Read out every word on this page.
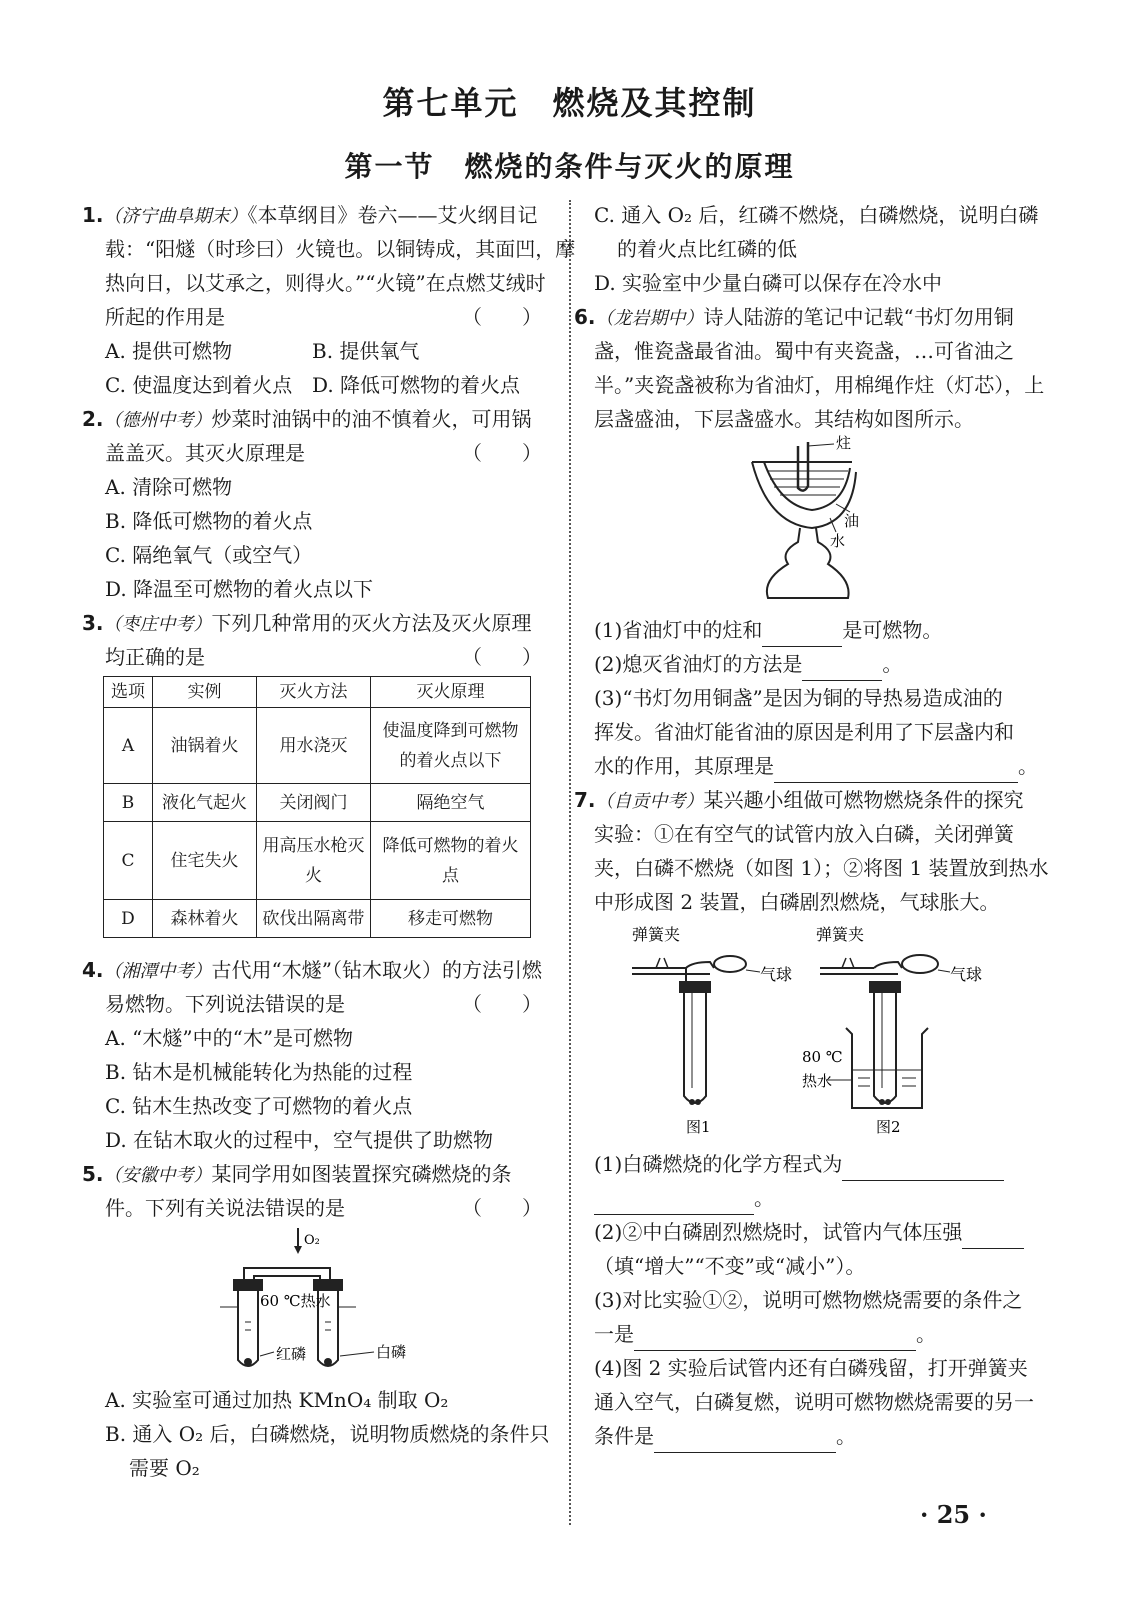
第七单元　燃烧及其控制
第一节　燃烧的条件与灭火的原理
1.（济宁曲阜期末）《本草纲目》卷六——艾火纲目记
载：“阳燧（时珍曰）火镜也。以铜铸成，其面凹，摩
热向日，以艾承之，则得火。”“火镜”在点燃艾绒时
所起的作用是	（　　）
A. 提供可燃物	B. 提供氧气
C. 使温度达到着火点 D. 降低可燃物的着火点
2.（德州中考）炒菜时油锅中的油不慎着火，可用锅
盖盖灭。其灭火原理是	（　　）
A. 清除可燃物
B. 降低可燃物的着火点
C. 隔绝氧气（或空气）
D. 降温至可燃物的着火点以下
3.（枣庄中考）下列几种常用的灭火方法及灭火原理
均正确的是	（　　）
选项	实例	灭火方法	灭火原理
A	油锅着火	用水浇灭	使温度降到可燃物的着火点以下
B	液化气起火	关闭阀门	隔绝空气
C	住宅失火	用高压水枪灭火	降低可燃物的着火点
D	森林着火	砍伐出隔离带	移走可燃物
4.（湘潭中考）古代用“木燧”（钻木取火）的方法引燃
易燃物。下列说法错误的是	（　　）
A. “木燧”中的“木”是可燃物
B. 钻木是机械能转化为热能的过程
C. 钻木生热改变了可燃物的着火点
D. 在钻木取火的过程中，空气提供了助燃物
5.（安徽中考）某同学用如图装置探究磷燃烧的条
件。下列有关说法错误的是	（　　）
O₂
60 ℃热水
红磷	白磷
A. 实验室可通过加热 KMnO₄ 制取 O₂
B. 通入 O₂ 后，白磷燃烧，说明物质燃烧的条件只
需要 O₂
C. 通入 O₂ 后，红磷不燃烧，白磷燃烧，说明白磷
的着火点比红磷的低
D. 实验室中少量白磷可以保存在冷水中
6.（龙岩期中）诗人陆游的笔记中记载“书灯勿用铜
盏，惟瓷盏最省油。蜀中有夹瓷盏，…可省油之
半。”夹瓷盏被称为省油灯，用棉绳作炷（灯芯），上
层盏盛油，下层盏盛水。其结构如图所示。
炷
油
水
(1)省油灯中的炷和	是可燃物。
(2)熄灭省油灯的方法是	。
(3)“书灯勿用铜盏”是因为铜的导热易造成油的
挥发。省油灯能省油的原因是利用了下层盏内和
水的作用，其原理是	。
7.（自贡中考）某兴趣小组做可燃物燃烧条件的探究
实验：①在有空气的试管内放入白磷，关闭弹簧
夹，白磷不燃烧（如图 1）；②将图 1 装置放到热水
中形成图 2 装置，白磷剧烈燃烧，气球胀大。
弹簧夹	弹簧夹
气球	气球
80 ℃
热水
图1	图2
(1)白磷燃烧的化学方程式为
。
(2)②中白磷剧烈燃烧时，试管内气体压强
（填“增大”“不变”或“减小”）。
(3)对比实验①②，说明可燃物燃烧需要的条件之
一是	。
(4)图 2 实验后试管内还有白磷残留，打开弹簧夹
通入空气，白磷复燃，说明可燃物燃烧需要的另一
条件是	。
· 25 ·
